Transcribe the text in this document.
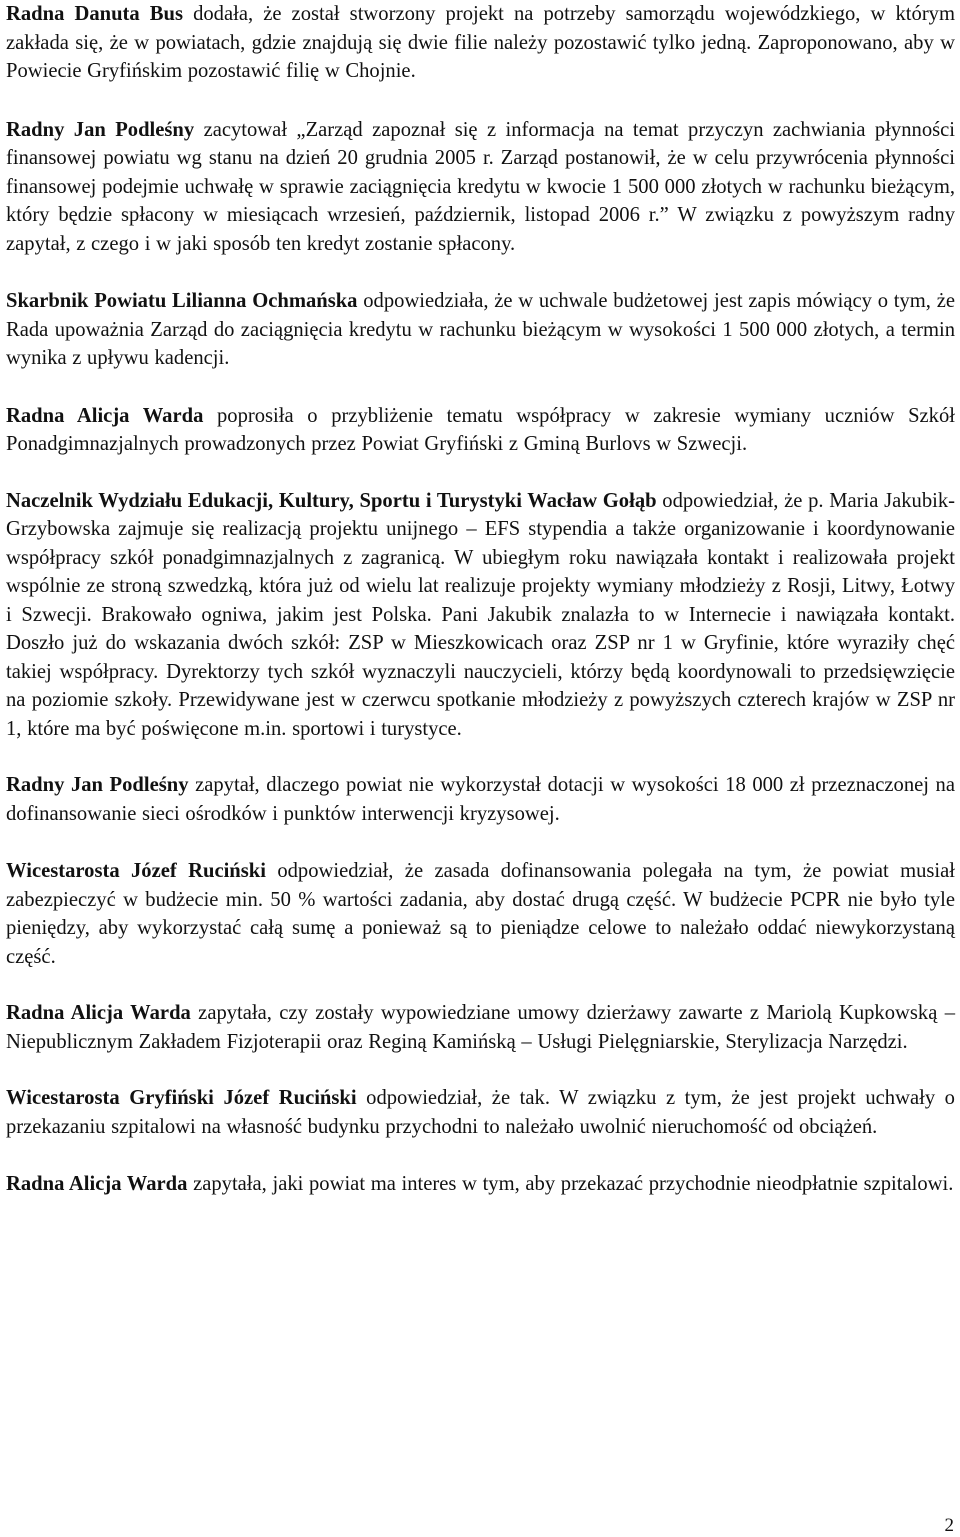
Radna Danuta Bus dodała, że został stworzony projekt na potrzeby samorządu wojewódzkiego, w którym zakłada się, że w powiatach, gdzie znajdują się dwie filie należy pozostawić tylko jedną. Zaproponowano, aby w Powiecie Gryfińskim pozostawić filię w Chojnie.

Radny Jan Podleśny zacytował „Zarząd zapoznał się z informacja na temat przyczyn zachwiania płynności finansowej powiatu wg stanu na dzień 20 grudnia 2005 r. Zarząd postanowił, że w celu przywrócenia płynności finansowej podejmie uchwałę w sprawie zaciągnięcia kredytu w kwocie 1 500 000 złotych w rachunku bieżącym, który będzie spłacony w miesiącach wrzesień, październik, listopad 2006 r.” W związku z powyższym radny zapytał, z czego i w jaki sposób ten kredyt zostanie spłacony.

Skarbnik Powiatu Lilianna Ochmańska odpowiedziała, że w uchwale budżetowej jest zapis mówiący o tym, że Rada upoważnia Zarząd do zaciągnięcia kredytu w rachunku bieżącym w wysokości 1 500 000 złotych, a termin wynika z upływu kadencji.

Radna Alicja Warda poprosiła o przybliżenie tematu współpracy w zakresie wymiany uczniów Szkół Ponadgimnazjalnych prowadzonych przez Powiat Gryfiński z Gminą Burlovs w Szwecji.

Naczelnik Wydziału Edukacji, Kultury, Sportu i Turystyki Wacław Gołąb odpowiedział, że p. Maria Jakubik-Grzybowska zajmuje się realizacją projektu unijnego – EFS stypendia a także organizowanie i koordynowanie współpracy szkół ponadgimnazjalnych z zagranicą. W ubiegłym roku nawiązała kontakt i realizowała projekt wspólnie ze stroną szwedzką, która już od wielu lat realizuje projekty wymiany młodzieży z Rosji, Litwy, Łotwy i Szwecji. Brakowało ogniwa, jakim jest Polska. Pani Jakubik znalazła to w Internecie i nawiązała kontakt. Doszło już do wskazania dwóch szkół: ZSP w Mieszkowicach oraz ZSP nr 1 w Gryfinie, które wyraziły chęć takiej współpracy. Dyrektorzy tych szkół wyznaczyli nauczycieli, którzy będą koordynowali to przedsięwzięcie na poziomie szkoły. Przewidywane jest w czerwcu spotkanie młodzieży z powyższych czterech krajów w ZSP nr 1, które ma być poświęcone m.in. sportowi i turystyce.

Radny Jan Podleśny zapytał, dlaczego powiat nie wykorzystał dotacji w wysokości 18 000 zł przeznaczonej na dofinansowanie sieci ośrodków i punktów interwencji kryzysowej.

Wicestarosta Józef Ruciński odpowiedział, że zasada dofinansowania polegała na tym, że powiat musiał zabezpieczyć w budżecie min. 50 % wartości zadania, aby dostać drugą część. W budżecie PCPR nie było tyle pieniędzy, aby wykorzystać całą sumę a ponieważ są to pieniądze celowe to należało oddać niewykorzystaną część.

Radna Alicja Warda zapytała, czy zostały wypowiedziane umowy dzierżawy zawarte z Mariolą Kupkowską – Niepublicznym Zakładem Fizjoterapii oraz Reginą Kamińską – Usługi Pielęgniarskie, Sterylizacja Narzędzi.

Wicestarosta Gryfiński Józef Ruciński odpowiedział, że tak. W związku z tym, że jest projekt uchwały o przekazaniu szpitalowi na własność budynku przychodni to należało uwolnić nieruchomość od obciążeń.

Radna Alicja Warda zapytała, jaki powiat ma interes w tym, aby przekazać przychodnie nieodpłatnie szpitalowi.

2
